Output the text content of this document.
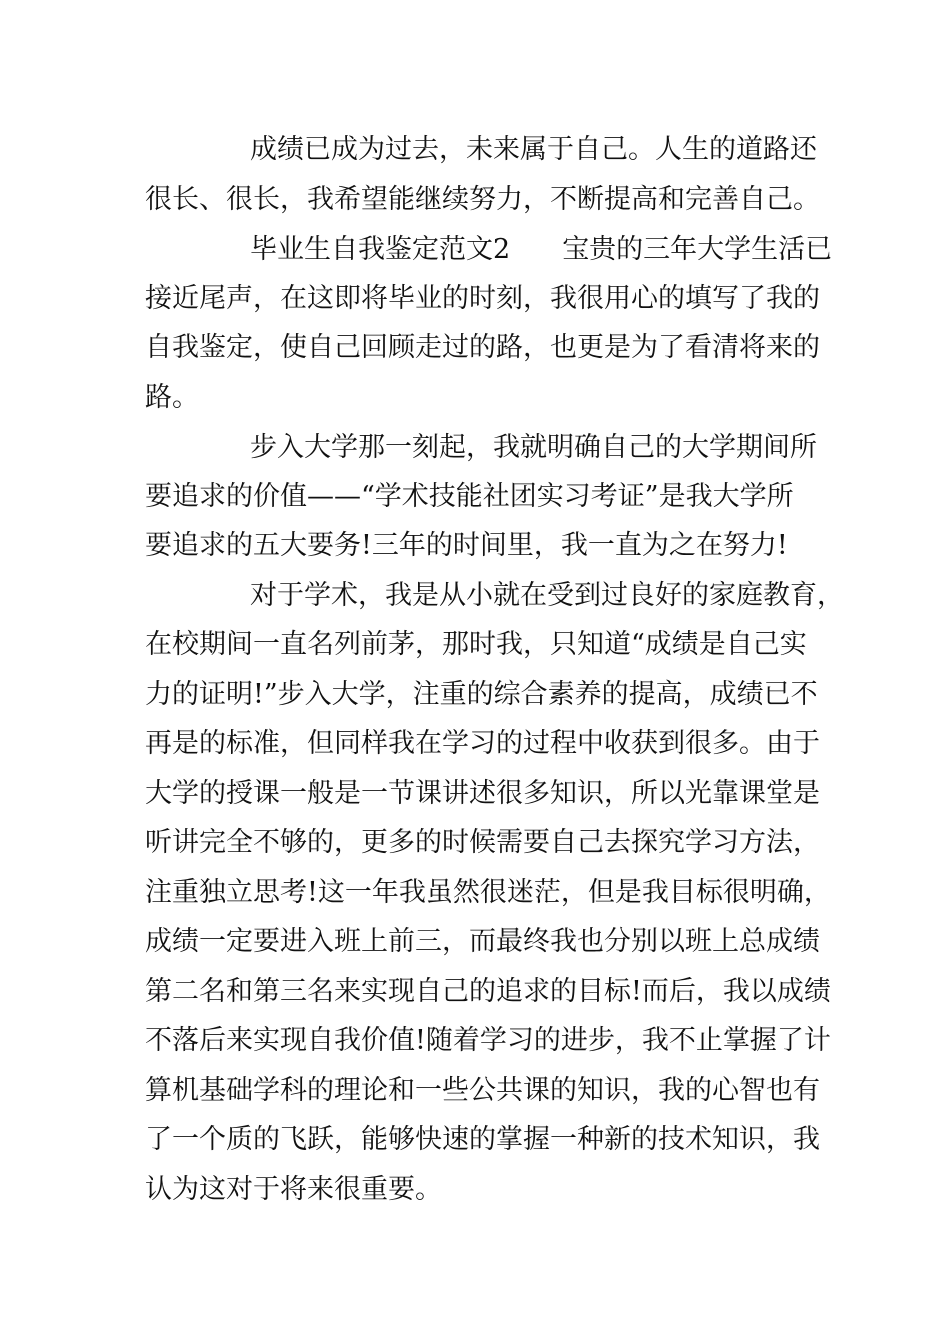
成绩已成为过去，未来属于自己。人生的道路还
很长、很长，我希望能继续努力，不断提高和完善自己。
毕业生自我鉴定范文2 宝贵的三年大学生活已
接近尾声，在这即将毕业的时刻，我很用心的填写了我的
自我鉴定，使自己回顾走过的路，也更是为了看清将来的
路。
步入大学那一刻起，我就明确自己的大学期间所
要追求的价值——“学术技能社团实习考证”是我大学所
要追求的五大要务!三年的时间里，我一直为之在努力!
对于学术，我是从小就在受到过良好的家庭教育，
在校期间一直名列前茅，那时我，只知道“成绩是自己实
力的证明!”步入大学，注重的综合素养的提高，成绩已不
再是的标准，但同样我在学习的过程中收获到很多。由于
大学的授课一般是一节课讲述很多知识，所以光靠课堂是
听讲完全不够的，更多的时候需要自己去探究学习方法，
注重独立思考!这一年我虽然很迷茫，但是我目标很明确，
成绩一定要进入班上前三，而最终我也分别以班上总成绩
第二名和第三名来实现自己的追求的目标!而后，我以成绩
不落后来实现自我价值!随着学习的进步，我不止掌握了计
算机基础学科的理论和一些公共课的知识，我的心智也有
了一个质的飞跃，能够快速的掌握一种新的技术知识，我
认为这对于将来很重要。
